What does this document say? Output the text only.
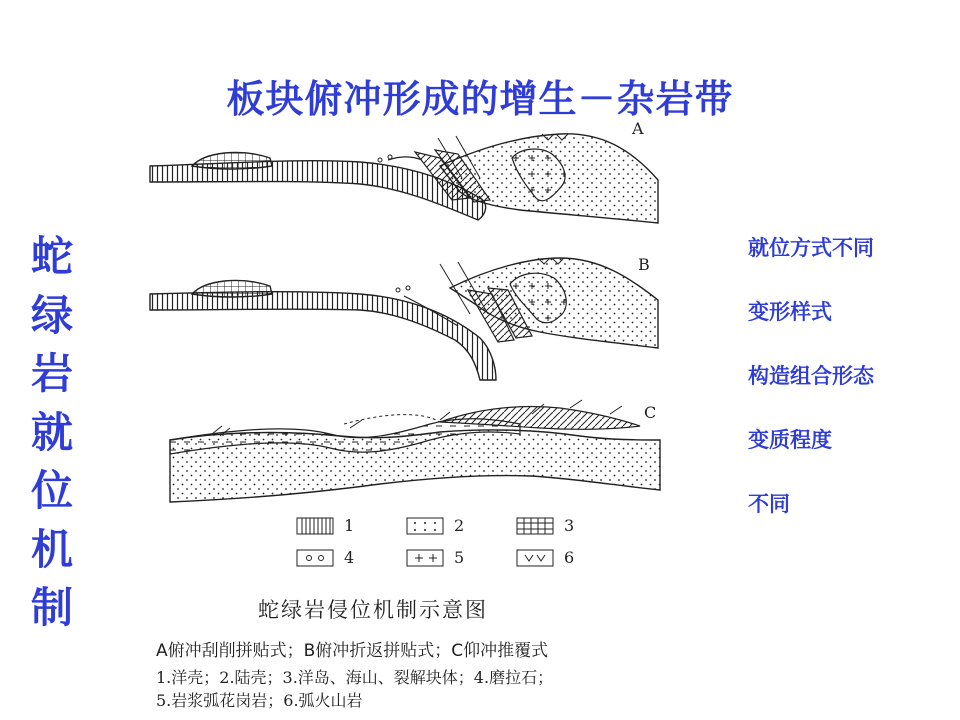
板块俯冲形成的增生－杂岩带
蛇
绿
岩
就
位
机
制
就位方式不同
变形样式
构造组合形态
变质程度
不同
A
B
C
1	2	3
4	5	6
蛇绿岩侵位机制示意图
A俯冲刮削拼贴式；B俯冲折返拼贴式；C仰冲推覆式
1.洋壳；2.陆壳；3.洋岛、海山、裂解块体；4.磨拉石；
5.岩浆弧花岗岩；6.弧火山岩
